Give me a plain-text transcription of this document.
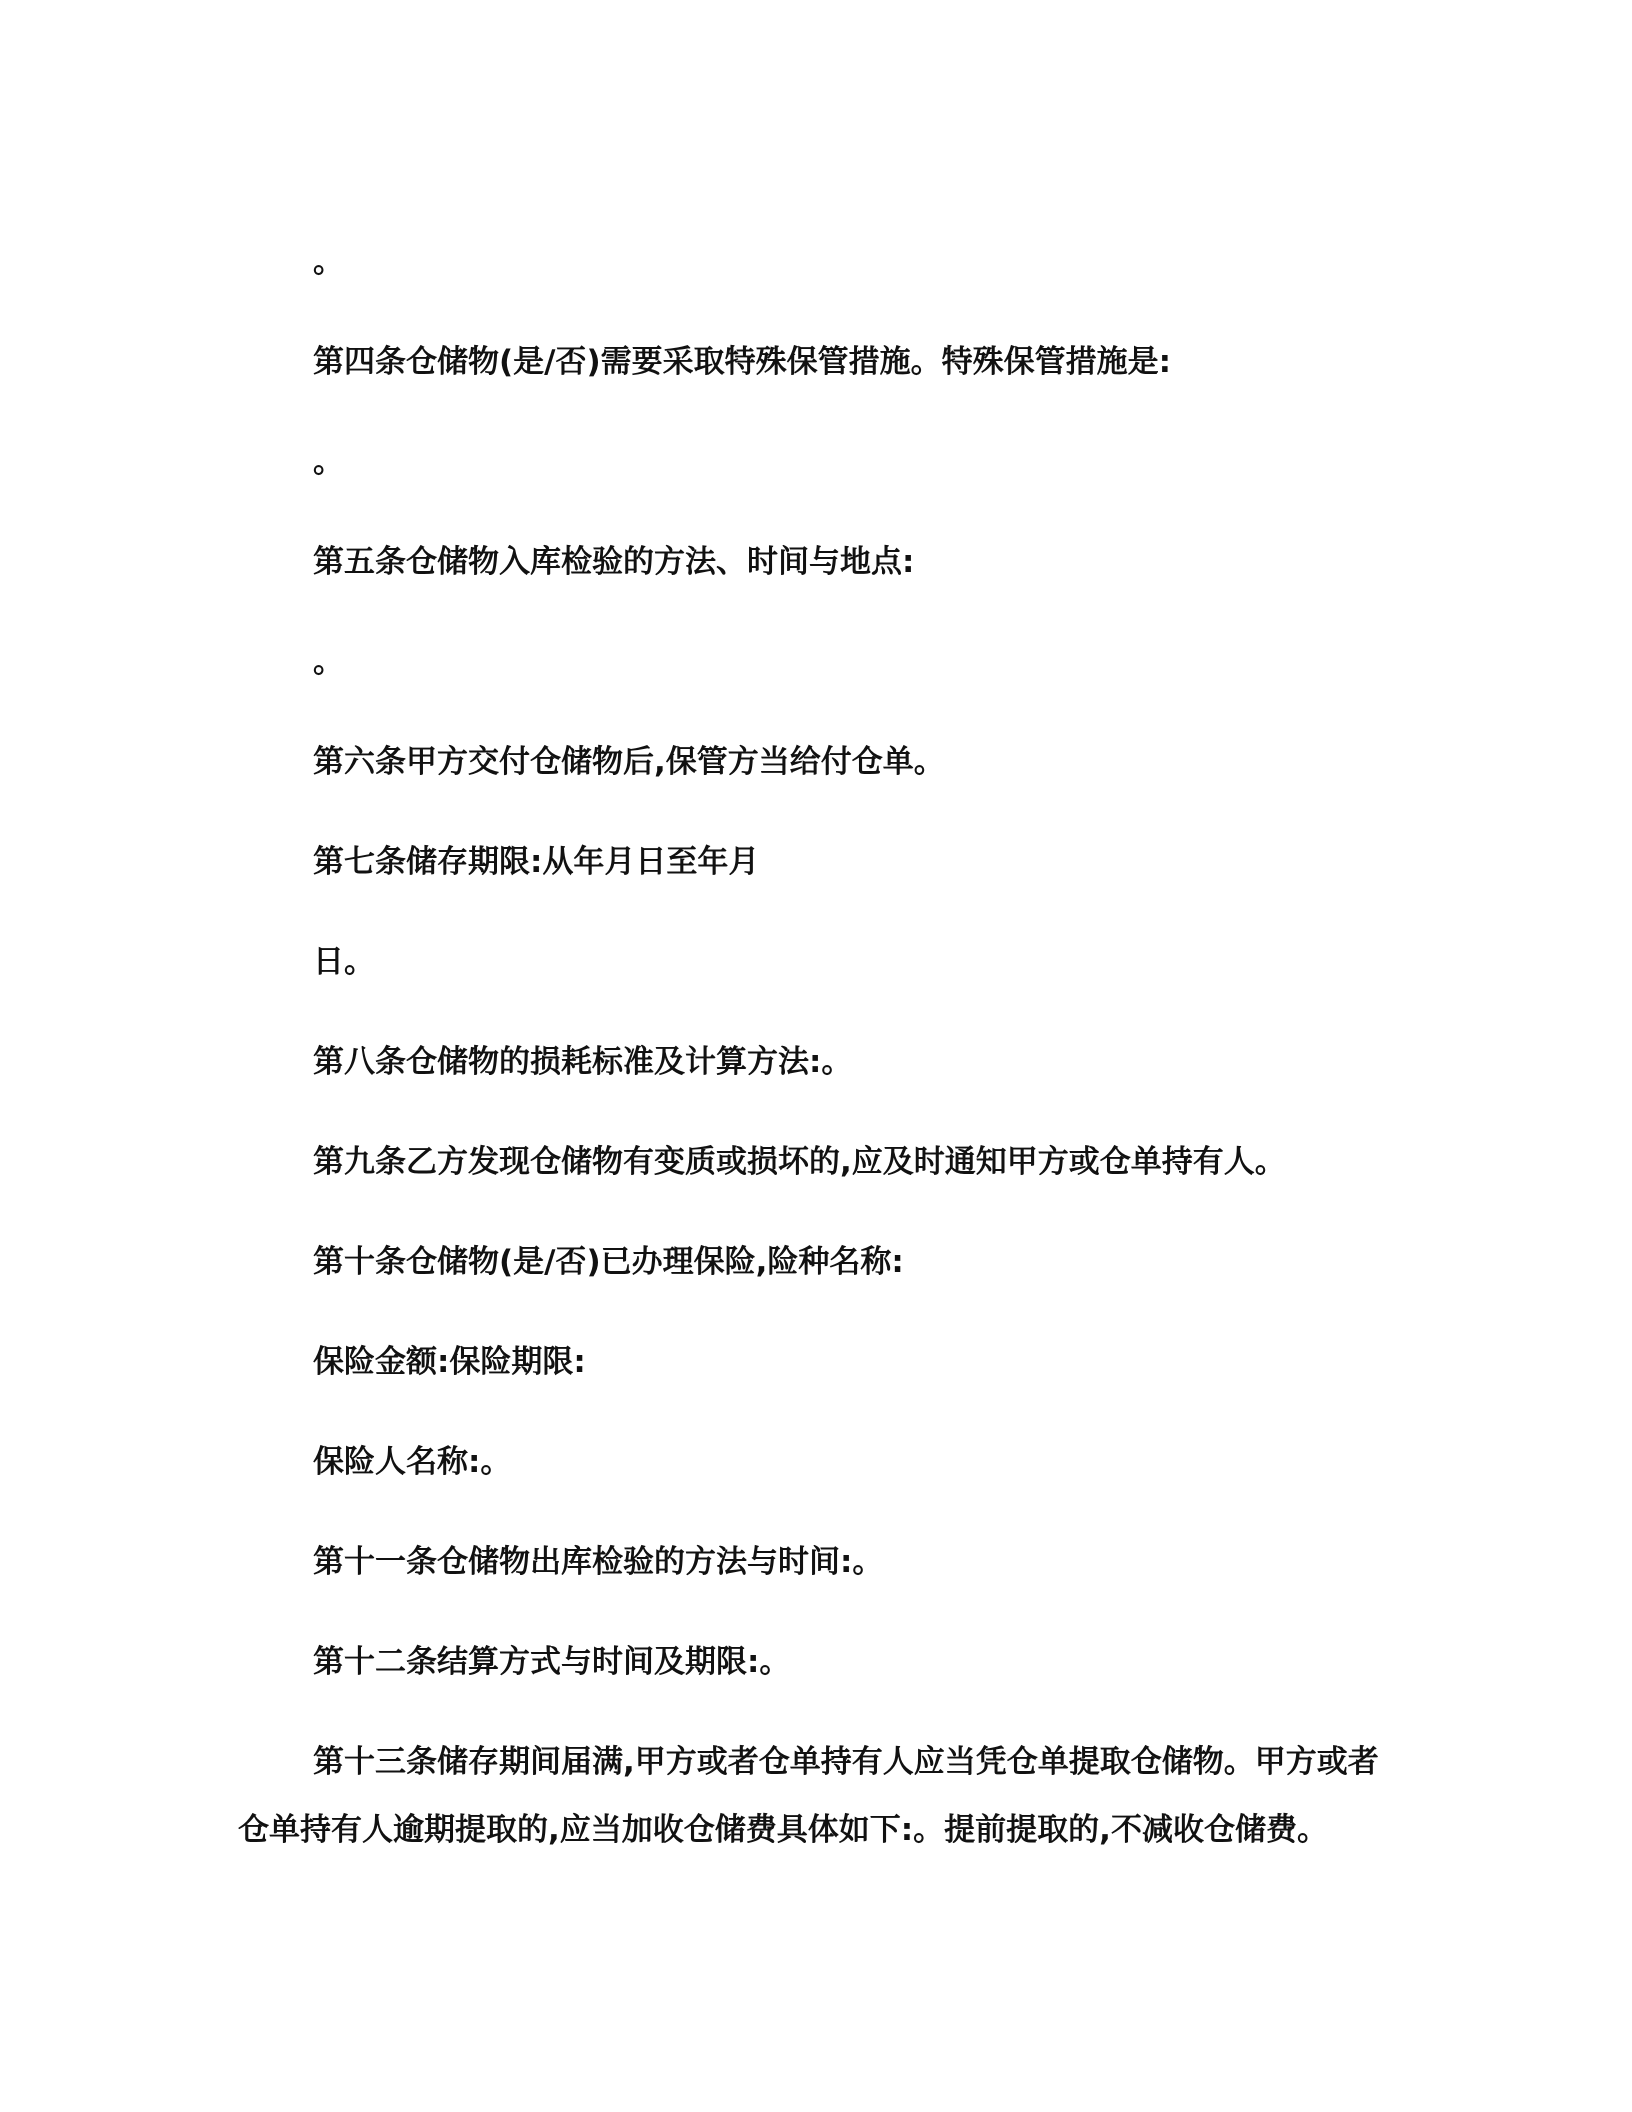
。
第四条仓储物(是/否)需要采取特殊保管措施。特殊保管措施是:
。
第五条仓储物入库检验的方法、时间与地点:
。
第六条甲方交付仓储物后,保管方当给付仓单。
第七条储存期限:从年月日至年月
日。
第八条仓储物的损耗标准及计算方法:。
第九条乙方发现仓储物有变质或损坏的,应及时通知甲方或仓单持有人。
第十条仓储物(是/否)已办理保险,险种名称:
保险金额:保险期限:
保险人名称:。
第十一条仓储物出库检验的方法与时间:。
第十二条结算方式与时间及期限:。
第十三条储存期间届满,甲方或者仓单持有人应当凭仓单提取仓储物。甲方或者仓单持有人逾期提取的,应当加收仓储费具体如下:。提前提取的,不减收仓储费。
